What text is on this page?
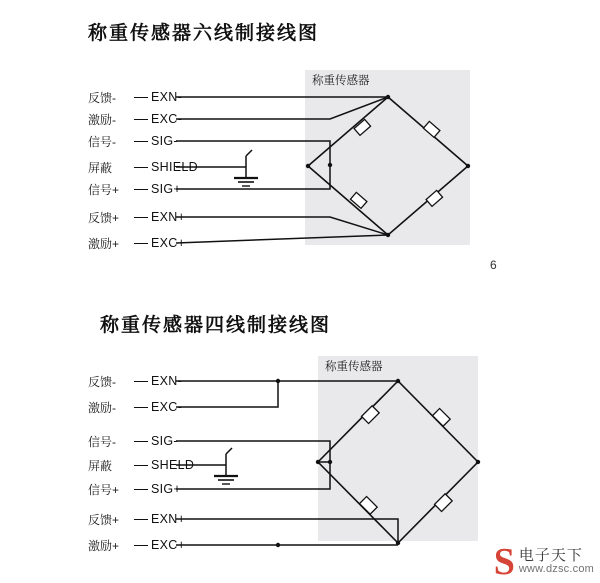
称重传感器六线制接线图
称重传感器
反馈-	EXN-
激励-	EXC-
信号-	SIG-
屏蔽	SHIELD
信号+	SIG+
反馈+	EXN+
激励+	EXC+
6
称重传感器四线制接线图
称重传感器
反馈-	EXN-
激励-	EXC-
信号-	SIG-
屏蔽	SHELD
信号+	SIG+
反馈+	EXN+
激励+	EXC+	S 电子天下
www.dzsc.com
